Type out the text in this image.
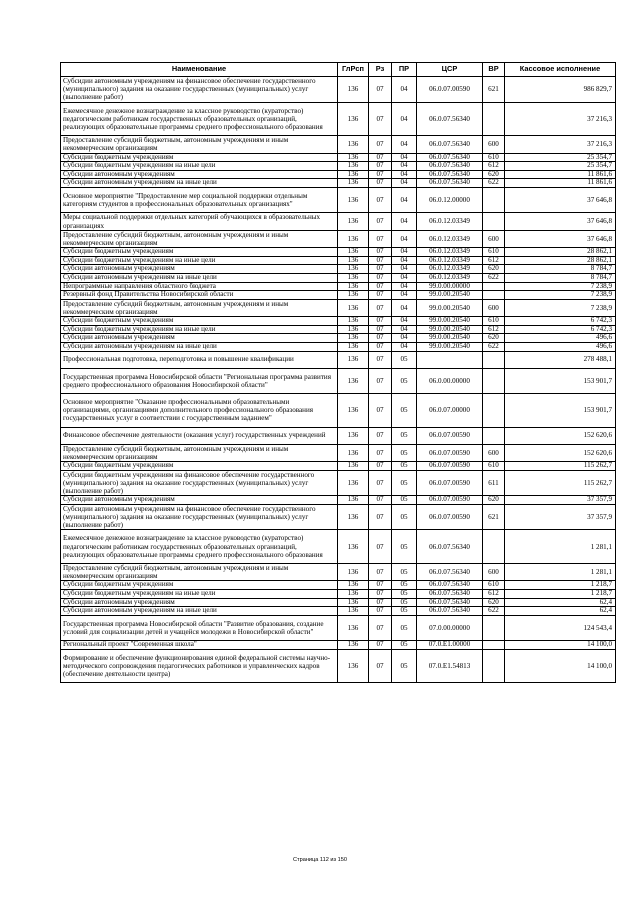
Наименование	ГлРсп	Рз	ПР	ЦСР	ВР	Кассовое исполнение
Субсидии автономным учреждениям на финансовое обеспечение государственного (муниципального) задания на оказание государственных (муниципальных) услуг (выполнение работ)	136	07	04	06.0.07.00590	621	986 829,7
Ежемесячное денежное вознаграждение за классное руководство (кураторство) педагогическим работникам государственных образовательных организаций, реализующих образовательные программы среднего профессионального образования	136	07	04	06.0.07.56340		37 216,3
Предоставление субсидий бюджетным, автономным учреждениям и иным некоммерческим организациям	136	07	04	06.0.07.56340	600	37 216,3
Субсидии бюджетным учреждениям	136	07	04	06.0.07.56340	610	25 354,7
Субсидии бюджетным учреждениям на иные цели	136	07	04	06.0.07.56340	612	25 354,7
Субсидии автономным учреждениям	136	07	04	06.0.07.56340	620	11 861,6
Субсидии автономным учреждениям на иные цели	136	07	04	06.0.07.56340	622	11 861,6
Основное мероприятие "Предоставление мер социальной поддержки отдельным категориям студентов в профессиональных образовательных организациях"	136	07	04	06.0.12.00000		37 646,8
Меры социальной поддержки отдельных категорий обучающихся в образовательных организациях	136	07	04	06.0.12.03349		37 646,8
Предоставление субсидий бюджетным, автономным учреждениям и иным некоммерческим организациям	136	07	04	06.0.12.03349	600	37 646,8
Субсидии бюджетным учреждениям	136	07	04	06.0.12.03349	610	28 862,1
Субсидии бюджетным учреждениям на иные цели	136	07	04	06.0.12.03349	612	28 862,1
Субсидии автономным учреждениям	136	07	04	06.0.12.03349	620	8 784,7
Субсидии автономным учреждениям на иные цели	136	07	04	06.0.12.03349	622	8 784,7
Непрограммные направления областного бюджета	136	07	04	99.0.00.00000		7 238,9
Резервный фонд Правительства Новосибирской области	136	07	04	99.0.00.20540		7 238,9
Предоставление субсидий бюджетным, автономным учреждениям и иным некоммерческим организациям	136	07	04	99.0.00.20540	600	7 238,9
Субсидии бюджетным учреждениям	136	07	04	99.0.00.20540	610	6 742,3
Субсидии бюджетным учреждениям на иные цели	136	07	04	99.0.00.20540	612	6 742,3
Субсидии автономным учреждениям	136	07	04	99.0.00.20540	620	496,6
Субсидии автономным учреждениям на иные цели	136	07	04	99.0.00.20540	622	496,6
Профессиональная подготовка, переподготовка и повышение квалификации	136	07	05			278 488,1
Государственная программа Новосибирской области "Региональная программа развития среднего профессионального образования Новосибирской области"	136	07	05	06.0.00.00000		153 901,7
Основное мероприятие "Оказание профессиональными образовательными организациями, организациями дополнительного профессионального образования государственных услуг в соответствии с государственным заданием"	136	07	05	06.0.07.00000		153 901,7
Финансовое обеспечение деятельности (оказания услуг) государственных учреждений	136	07	05	06.0.07.00590		152 620,6
Предоставление субсидий бюджетным, автономным учреждениям и иным некоммерческим организациям	136	07	05	06.0.07.00590	600	152 620,6
Субсидии бюджетным учреждениям	136	07	05	06.0.07.00590	610	115 262,7
Субсидии бюджетным учреждениям на финансовое обеспечение государственного (муниципального) задания на оказание государственных (муниципальных) услуг (выполнение работ)	136	07	05	06.0.07.00590	611	115 262,7
Субсидии автономным учреждениям	136	07	05	06.0.07.00590	620	37 357,9
Субсидии автономным учреждениям на финансовое обеспечение государственного (муниципального) задания на оказание государственных (муниципальных) услуг (выполнение работ)	136	07	05	06.0.07.00590	621	37 357,9
Ежемесячное денежное вознаграждение за классное руководство (кураторство) педагогическим работникам государственных образовательных организаций, реализующих образовательные программы среднего профессионального образования	136	07	05	06.0.07.56340		1 281,1
Предоставление субсидий бюджетным, автономным учреждениям и иным некоммерческим организациям	136	07	05	06.0.07.56340	600	1 281,1
Субсидии бюджетным учреждениям	136	07	05	06.0.07.56340	610	1 218,7
Субсидии бюджетным учреждениям на иные цели	136	07	05	06.0.07.56340	612	1 218,7
Субсидии автономным учреждениям	136	07	05	06.0.07.56340	620	62,4
Субсидии автономным учреждениям на иные цели	136	07	05	06.0.07.56340	622	62,4
Государственная программа Новосибирской области "Развитие образования, создание условий для социализации детей и учащейся молодежи в Новосибирской области"	136	07	05	07.0.00.00000		124 543,4
Региональный проект "Современная школа"	136	07	05	07.0.E1.00000		14 100,0
Формирование и обеспечение функционирования единой федеральной системы научно-методического сопровождения педагогических работников и управленческих кадров (обеспечение деятельности центра)	136	07	05	07.0.E1.54813		14 100,0
Страница 112 из 150
